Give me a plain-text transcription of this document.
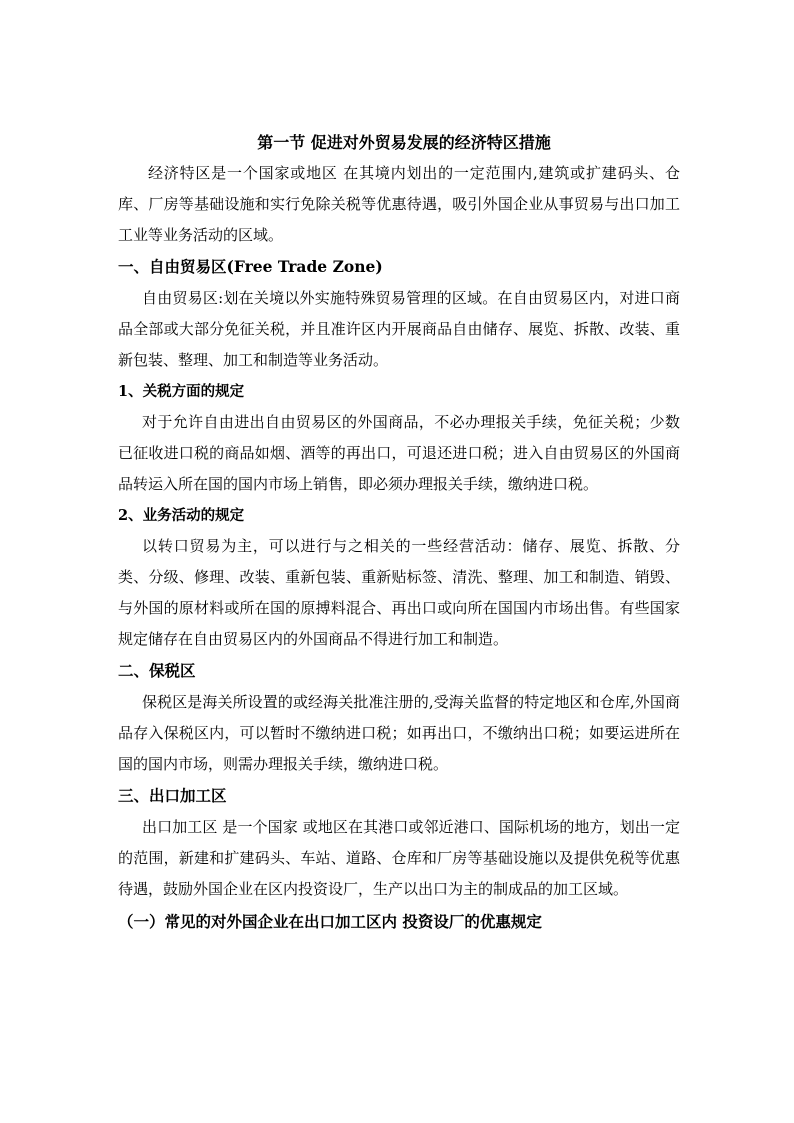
第一节 促进对外贸易发展的经济特区措施

经济特区是一个国家或地区 在其境内划出的一定范围内,建筑或扩建码头、仓库、厂房等基础设施和实行免除关税等优惠待遇，吸引外国企业从事贸易与出口加工工业等业务活动的区域。

一、自由贸易区(Free Trade Zone)

自由贸易区:划在关境以外实施特殊贸易管理的区域。在自由贸易区内，对进口商品全部或大部分免征关税，并且准许区内开展商品自由储存、展览、拆散、改装、重新包装、整理、加工和制造等业务活动。

1、关税方面的规定

对于允许自由进出自由贸易区的外国商品，不必办理报关手续，免征关税；少数已征收进口税的商品如烟、酒等的再出口，可退还进口税；进入自由贸易区的外国商品转运入所在国的国内市场上销售，即必须办理报关手续，缴纳进口税。

2、业务活动的规定

以转口贸易为主，可以进行与之相关的一些经营活动：储存、展览、拆散、分类、分级、修理、改装、重新包装、重新贴标签、清洗、整理、加工和制造、销毁、与外国的原材料或所在国的原搏料混合、再出口或向所在国国内市场出售。有些国家规定储存在自由贸易区内的外国商品不得进行加工和制造。

二、保税区

保税区是海关所设置的或经海关批准注册的,受海关监督的特定地区和仓库,外国商品存入保税区内，可以暂时不缴纳进口税；如再出口，不缴纳出口税；如要运进所在国的国内市场，则需办理报关手续，缴纳进口税。

三、出口加工区

出口加工区 是一个国家 或地区在其港口或邻近港口、国际机场的地方，划出一定的范围，新建和扩建码头、车站、道路、仓库和厂房等基础设施以及提供免税等优惠待遇，鼓励外国企业在区内投资设厂，生产以出口为主的制成品的加工区域。

（一）常见的对外国企业在出口加工区内 投资设厂的优惠规定
